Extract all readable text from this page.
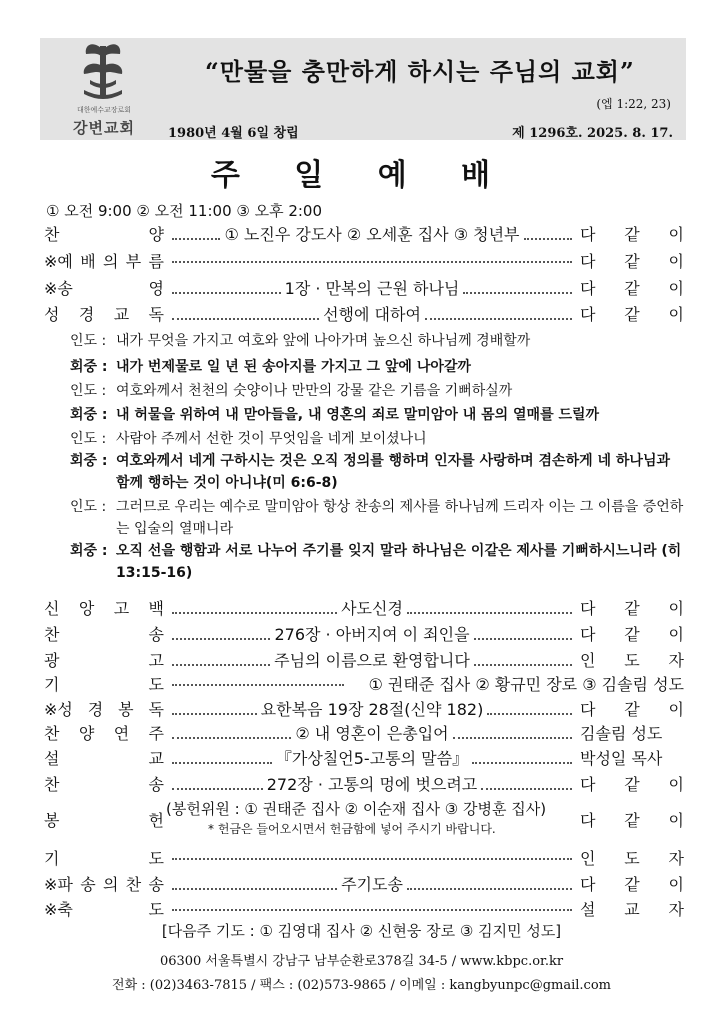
대한예수교장로회
강변교회
“만물을 충만하게 하시는 주님의 교회”
(엡 1:22, 23)
1980년 4월 6일 창립	제 1296호. 2025. 8. 17.
주 일 예 배
① 오전 9:00 ② 오전 11:00 ③ 오후 2:00
찬	양	① 노진우 강도사 ② 오세훈 집사 ③ 청년부	다 같 이
※예 배 의 부 름	다 같 이
※송	영	1장 · 만복의 근원 하나님	다 같 이
성 경 교 독	선행에 대하여	다 같 이
인도 : 내가 무엇을 가지고 여호와 앞에 나아가며 높으신 하나님께 경배할까
회중 : 내가 번제물로 일 년 된 송아지를 가지고 그 앞에 나아갈까
인도 : 여호와께서 천천의 숫양이나 만만의 강물 같은 기름을 기뻐하실까
회중 : 내 허물을 위하여 내 맏아들을, 내 영혼의 죄로 말미암아 내 몸의 열매를 드릴까
인도 : 사람아 주께서 선한 것이 무엇임을 네게 보이셨나니
회중 : 여호와께서 네게 구하시는 것은 오직 정의를 행하며 인자를 사랑하며 겸손하게 네 하나님과 함께 행하는 것이 아니냐(미 6:6-8)
인도 : 그러므로 우리는 예수로 말미암아 항상 찬송의 제사를 하나님께 드리자 이는 그 이름을 증언하는 입술의 열매니라
회중 : 오직 선을 행함과 서로 나누어 주기를 잊지 말라 하나님은 이같은 제사를 기뻐하시느니라 (히 13:15-16)
신 앙 고 백	사도신경	다 같 이
찬	송	276장 · 아버지여 이 죄인을	다 같 이
광	고	주님의 이름으로 환영합니다	인 도 자
기	도	① 권태준 집사 ② 황규민 장로 ③ 김솔림 성도
※성 경 봉 독	요한복음 19장 28절(신약 182)	다 같 이
찬 양 연 주	② 내 영혼이 은총입어	김솔림 성도
설	교	『가상칠언5-고통의 말씀』	박성일 목사
찬	송	272장 · 고통의 멍에 벗으려고	다 같 이
봉	헌	다 같 이
(봉헌위원 : ① 권태준 집사 ② 이순재 집사 ③ 강병훈 집사)
* 헌금은 들어오시면서 헌금함에 넣어 주시기 바랍니다.
기	도	인 도 자
※파 송 의 찬 송	주기도송	다 같 이
※축	도	설 교 자
[다음주 기도 : ① 김영대 집사 ② 신현웅 장로 ③ 김지민 성도]
06300 서울특별시 강남구 남부순환로378길 34-5 / www.kbpc.or.kr
전화 : (02)3463-7815 / 팩스 : (02)573-9865 / 이메일 : kangbyunpc@gmail.com
